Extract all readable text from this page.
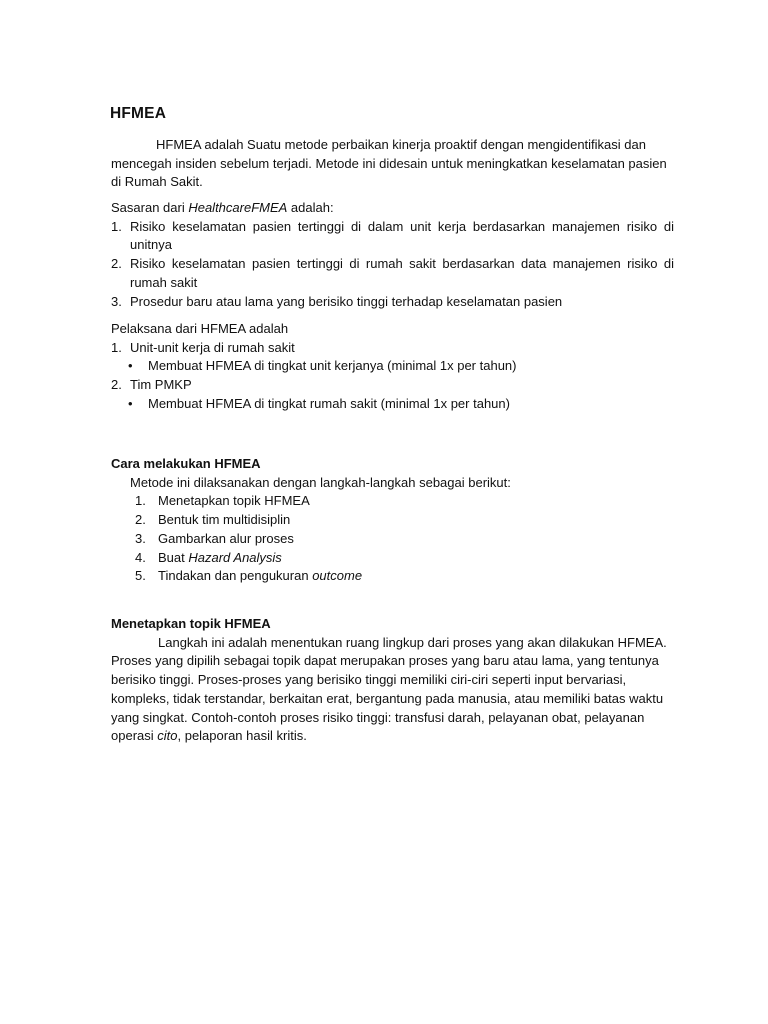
HFMEA
HFMEA adalah Suatu metode perbaikan kinerja proaktif dengan mengidentifikasi dan mencegah insiden sebelum terjadi. Metode ini didesain untuk meningkatkan keselamatan pasien di Rumah Sakit.
Sasaran dari HealthcareFMEA adalah:
1. Risiko keselamatan pasien tertinggi di dalam unit kerja berdasarkan manajemen risiko di unitnya
2. Risiko keselamatan pasien tertinggi di rumah sakit berdasarkan data manajemen risiko di rumah sakit
3. Prosedur baru atau lama yang berisiko tinggi terhadap keselamatan pasien
Pelaksana dari HFMEA adalah
1. Unit-unit kerja di rumah sakit
• Membuat HFMEA di tingkat unit kerjanya (minimal 1x per tahun)
2. Tim PMKP
• Membuat HFMEA di tingkat rumah sakit (minimal 1x per tahun)
Cara melakukan HFMEA
Metode ini dilaksanakan dengan langkah-langkah sebagai berikut:
1. Menetapkan topik HFMEA
2. Bentuk tim multidisiplin
3. Gambarkan alur proses
4. Buat Hazard Analysis
5. Tindakan dan pengukuran outcome
Menetapkan topik HFMEA
Langkah ini adalah menentukan ruang lingkup dari proses yang akan dilakukan HFMEA. Proses yang dipilih sebagai topik dapat merupakan proses yang baru atau lama, yang tentunya berisiko tinggi. Proses-proses yang berisiko tinggi memiliki ciri-ciri seperti input bervariasi, kompleks, tidak terstandar, berkaitan erat, bergantung pada manusia, atau memiliki batas waktu yang singkat. Contoh-contoh proses risiko tinggi: transfusi darah, pelayanan obat, pelayanan operasi cito, pelaporan hasil kritis.
